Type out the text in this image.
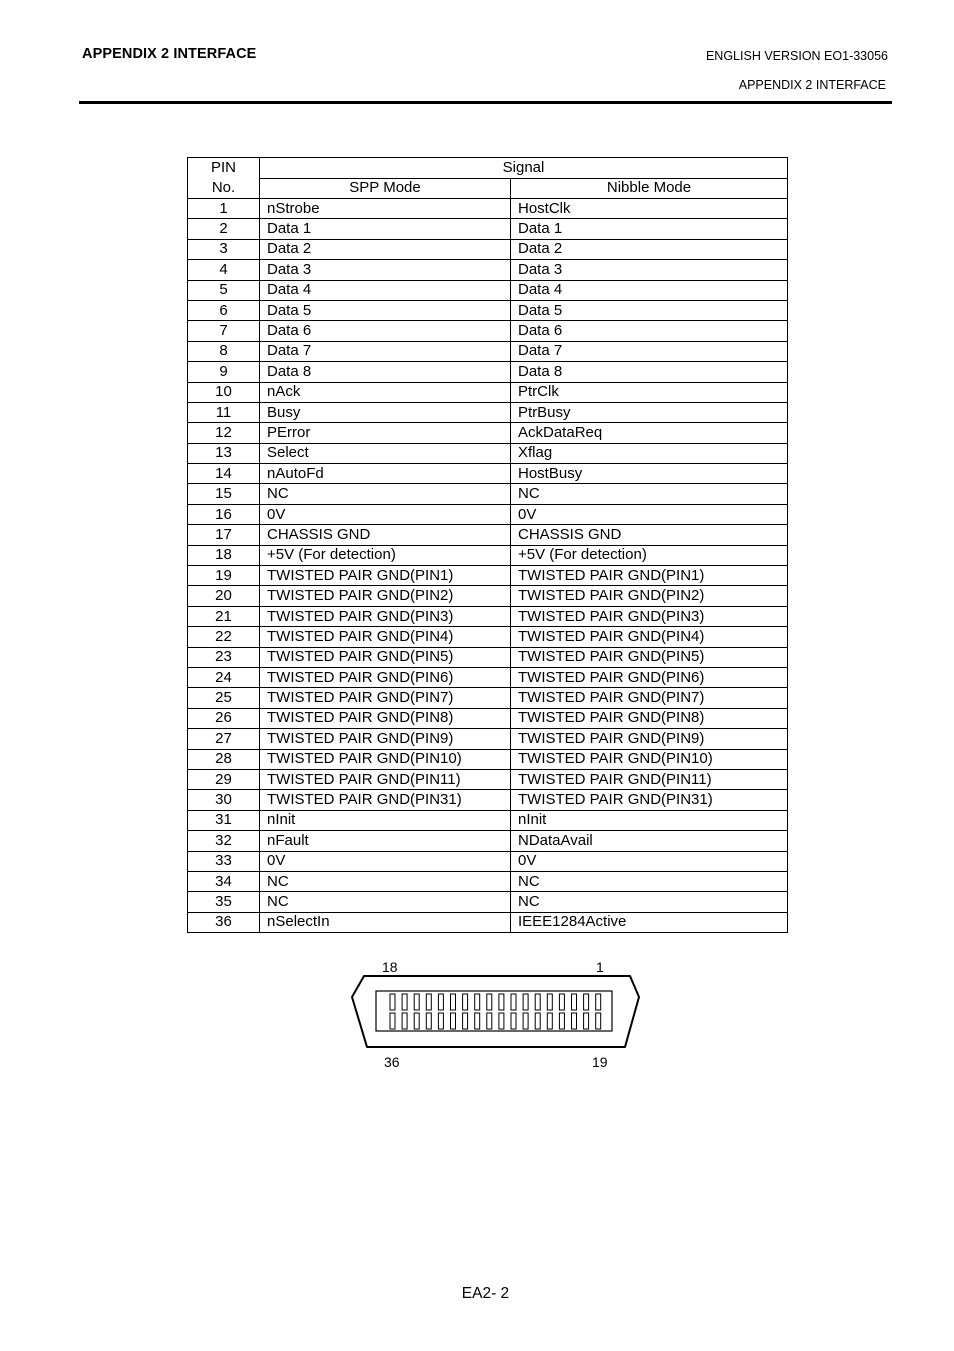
APPENDIX 2 INTERFACE	ENGLISH VERSION EO1-33056
APPENDIX 2 INTERFACE
PIN
No.	Signal	
	SPP Mode	Nibble Mode
1	nStrobe	HostClk
2	Data 1	Data 1
3	Data 2	Data 2
4	Data 3	Data 3
5	Data 4	Data 4
6	Data 5	Data 5
7	Data 6	Data 6
8	Data 7	Data 7
9	Data 8	Data 8
10	nAck	PtrClk
11	Busy	PtrBusy
12	PError	AckDataReq
13	Select	Xflag
14	nAutoFd	HostBusy
15	NC	NC
16	0V	0V
17	CHASSIS GND	CHASSIS GND
18	+5V (For detection)	+5V (For detection)
19	TWISTED PAIR GND(PIN1)	TWISTED PAIR GND(PIN1)
20	TWISTED PAIR GND(PIN2)	TWISTED PAIR GND(PIN2)
21	TWISTED PAIR GND(PIN3)	TWISTED PAIR GND(PIN3)
22	TWISTED PAIR GND(PIN4)	TWISTED PAIR GND(PIN4)
23	TWISTED PAIR GND(PIN5)	TWISTED PAIR GND(PIN5)
24	TWISTED PAIR GND(PIN6)	TWISTED PAIR GND(PIN6)
25	TWISTED PAIR GND(PIN7)	TWISTED PAIR GND(PIN7)
26	TWISTED PAIR GND(PIN8)	TWISTED PAIR GND(PIN8)
27	TWISTED PAIR GND(PIN9)	TWISTED PAIR GND(PIN9)
28	TWISTED PAIR GND(PIN10)	TWISTED PAIR GND(PIN10)
29	TWISTED PAIR GND(PIN11)	TWISTED PAIR GND(PIN11)
30	TWISTED PAIR GND(PIN31)	TWISTED PAIR GND(PIN31)
31	nInit	nInit
32	nFault	NDataAvail
33	0V	0V
34	NC	NC
35	NC	NC
36	nSelectIn	IEEE1284Active
18	1
36	19
EA2- 2
